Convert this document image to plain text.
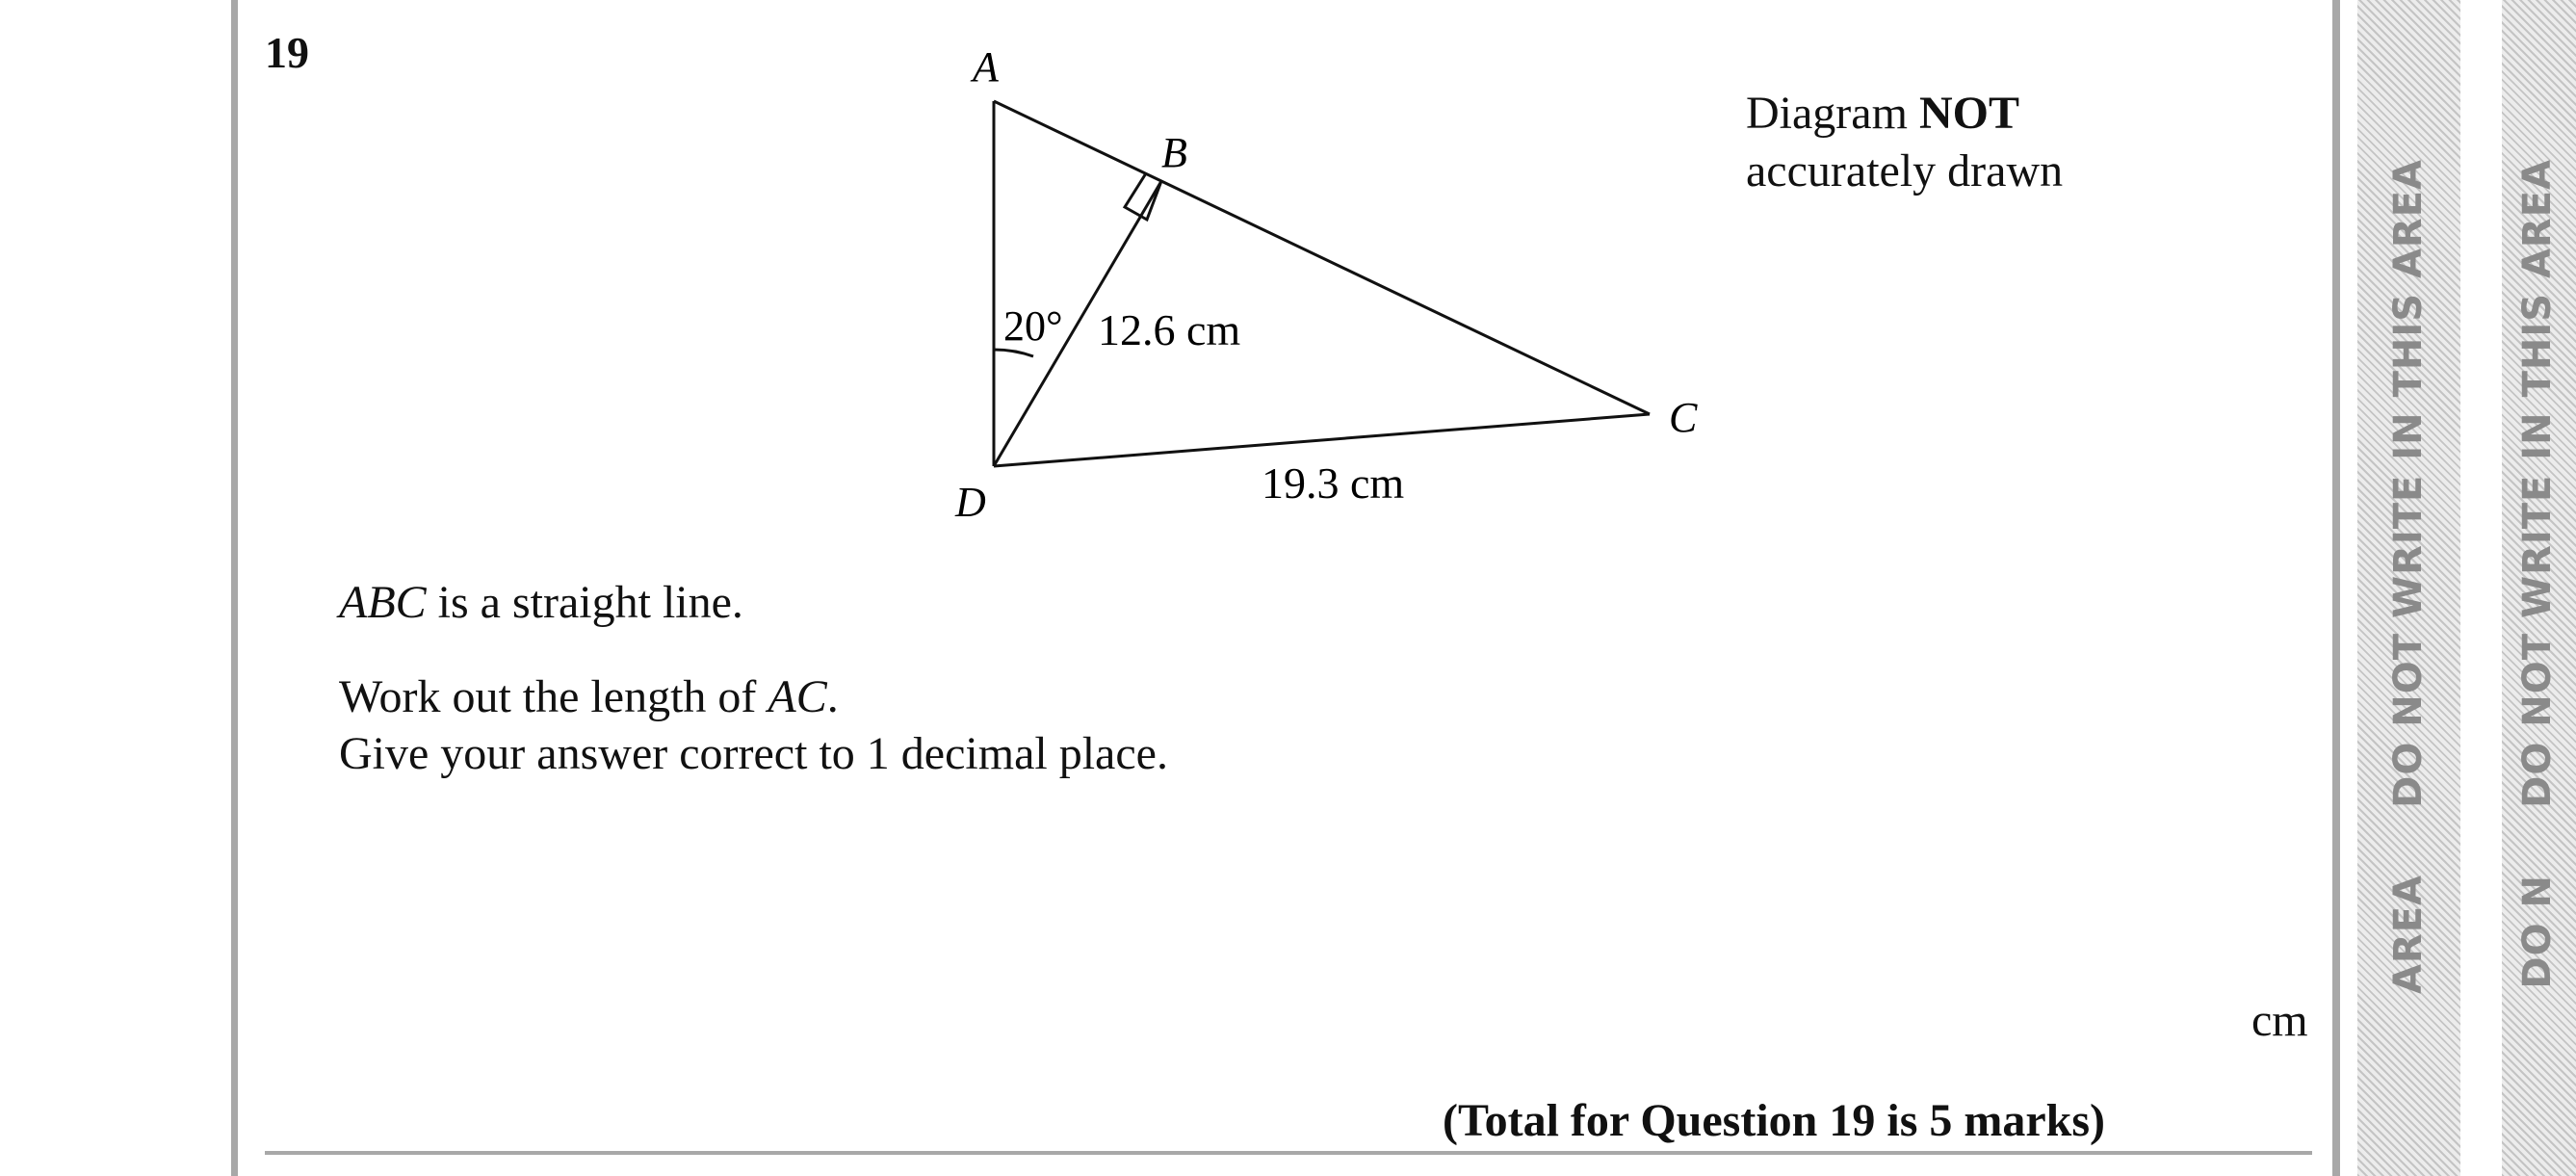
19	A
B
C
D
20° 12.6 cm
19.3 cm
Diagram NOT
accurately drawn
ABC is a straight line.
Work out the length of AC.
Give your answer correct to 1 decimal place.
cm
(Total for Question 19 is 5 marks)
DO NOT WRITE IN THIS AREA
AREA
DO NOT WRITE IN THIS AREA
DO N
